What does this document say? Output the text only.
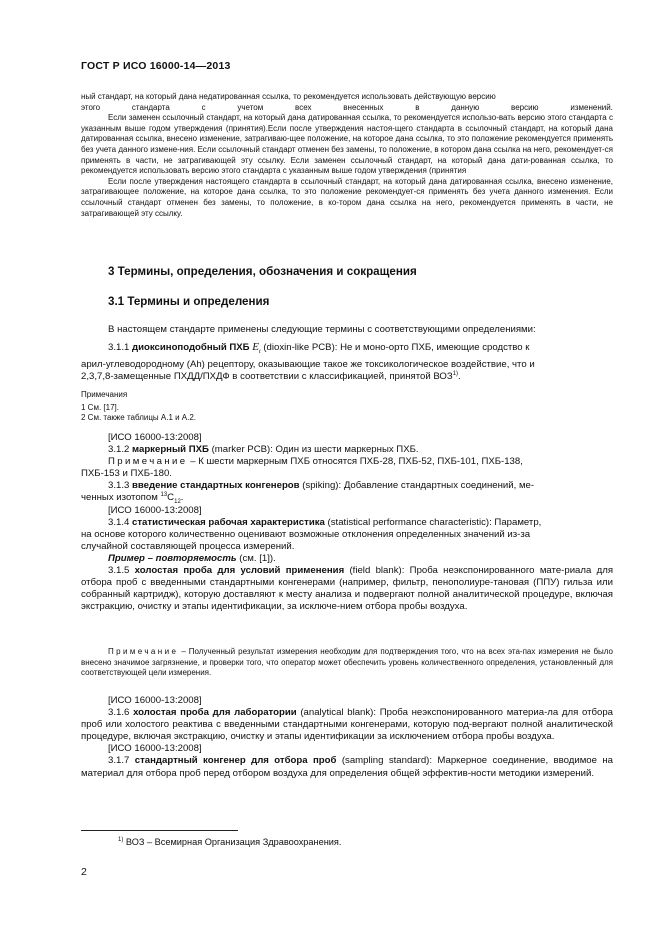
ГОСТ Р ИСО 16000-14—2013

ный стандарт, на который дана недатированная ссылка, то рекомендуется использовать действующую версию

этого	стандарта	с	учетом	всех	внесенных	в	данную	версию	изменений.

Если заменен ссылочный стандарт, на который дана датированная ссылка, то рекомендуется использо-вать версию этого стандарта с указанным выше годом утверждения (принятия).Если после утверждения настоя-щего стандарта в ссылочный стандарт, на который дана датированная ссылка, внесено изменение, затрагиваю-щее положение, на которое дана ссылка, то это положение рекомендуется применять без учета данного измене-ния. Если ссылочный стандарт отменен без замены, то положение, в котором дана ссылка на него, рекомендует-ся применять в части, не затрагивающей эту ссылку. Если заменен ссылочный стандарт, на который дана дати-рованная ссылка, то рекомендуется использовать версию этого стандарта с указанным выше годом утверждения (принятия

Если после утверждения настоящего стандарта в ссылочный стандарт, на который дана датированная ссылка, внесено изменение, затрагивающее положение, на которое дана ссылка, то это положение рекомендует-ся применять без учета данного изменения. Если ссылочный стандарт отменен без замены, то положение, в ко-тором дана ссылка на него, рекомендуется применять в части, не затрагивающей эту ссылку.

3 Термины, определения, обозначения и сокращения
3.1 Термины и определения

В настоящем стандарте применены следующие термины с соответствующими определениями:

3.1.1 диоксиноподобный ПХБ $E_t$ (dioxin-like PCB): Не и моно-орто ПХБ, имеющие сродство к

арил-углеводородному (Ah) рецептору, оказывающие такое же токсикологическое воздействие, что и

2,3,7,8-замещенные ПХДД/ПХДФ в соответствии с классификацией, принятой ВОЗ$^{1)}$.

Примечания

1 См. [17].

2 См. также таблицы А.1 и А.2.

[ИСО 16000-13:2008]

3.1.2 маркерный ПХБ (marker PCB): Один из шести маркерных ПХБ.

Примечание – К шести маркерным ПХБ относятся ПХБ-28, ПХБ-52, ПХБ-101, ПХБ-138,

ПХБ-153 и ПХБ-180.

3.1.3 введение стандартных конгенеров (spiking): Добавление стандартных соединений, ме-

ченных изотопом $^{13}C_{12}$.

[ИСО 16000-13:2008]

3.1.4 статистическая рабочая характеристика (statistical performance characteristic): Параметр,

на основе которого количественно оценивают возможные отклонения определенных значений из-за

случайной составляющей процесса измерений.

Пример – повторяемость (см. [1]).

3.1.5 холостая проба для условий применения (field blank): Проба неэкспонированного мате-риала для отбора проб с введенными стандартными конгенерами (например, фильтр, пенополиуре-тановая (ППУ) гильза или собранный картридж), которую доставляют к месту анализа и подвергают полной аналитической процедуре, включая экстракцию, очистку и этапы идентификации, за исключе-нием отбора пробы воздуха.

Примечание – Полученный результат измерения необходим для подтверждения того, что на всех эта-пах измерения не было внесено значимое загрязнение, и проверки того, что оператор может обеспечить уровень количественного определения, установленный для соответствующей цели измерения.

[ИСО 16000-13:2008]

3.1.6 холостая проба для лаборатории (analytical blank): Проба неэкспонированного материа-ла для отбора проб или холостого реактива с введенными стандартными конгенерами, которую под-вергают полной аналитической процедуре, включая экстракцию, очистку и этапы идентификации за исключением отбора пробы воздуха.

[ИСО 16000-13:2008]

3.1.7 стандартный конгенер для отбора проб (sampling standard): Маркерное соединение, вводимое на материал для отбора проб перед отбором воздуха для определения общей эффектив-ности методики измерений.

$^{1)}$ ВОЗ – Всемирная Организация Здравоохранения.
2
